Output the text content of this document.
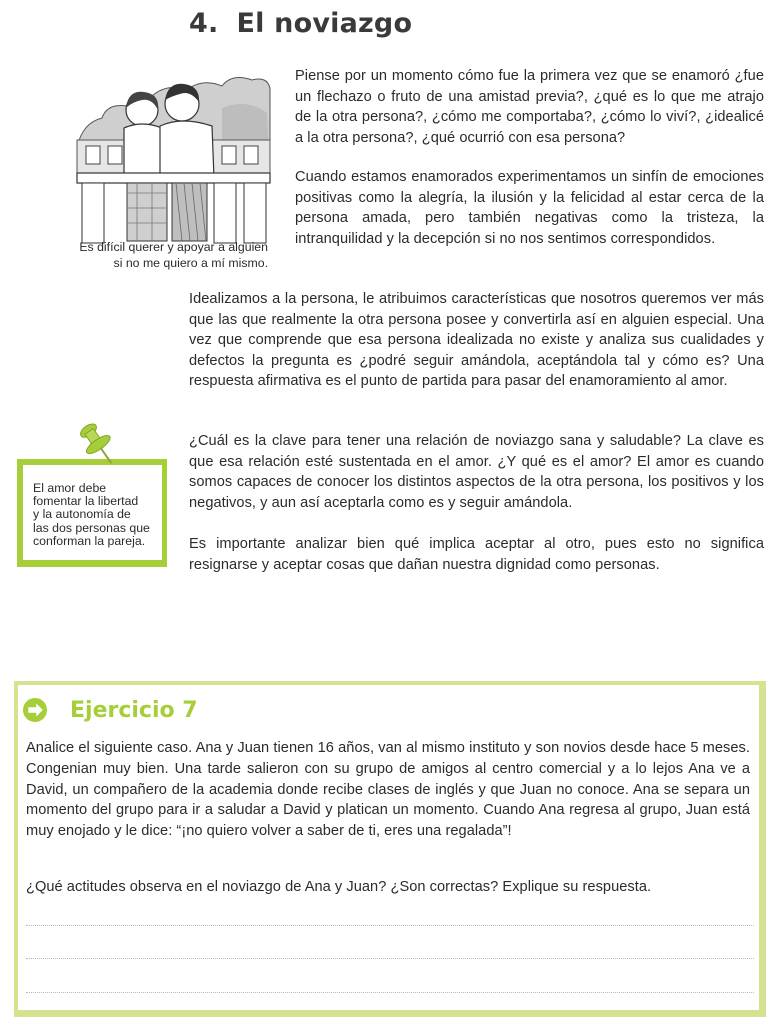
4. El noviazgo
Es difícil querer y apoyar a alguien
si no me quiero a mí mismo.

Piense por un momento cómo fue la primera vez que se enamoró ¿fue un flechazo o fruto de una amistad previa?, ¿qué es lo que me atrajo de la otra persona?, ¿cómo me comportaba?, ¿cómo lo viví?, ¿idealicé a la otra persona?, ¿qué ocurrió con esa persona?

Cuando estamos enamorados experimentamos un sinfín de emociones positivas como la alegría, la ilusión y la felicidad al estar cerca de la persona amada, pero también negativas como la tristeza, la intranquilidad y la decepción si no nos sentimos correspondidos.

Idealizamos a la persona, le atribuimos características que nosotros queremos ver más que las que realmente la otra persona posee y convertirla así en alguien especial. Una vez que comprende que esa persona idealizada no existe y analiza sus cualidades y defectos la pregunta es ¿podré seguir amándola, aceptándola tal y cómo es? Una respuesta afirmativa es el punto de partida para pasar del enamoramiento al amor.

¿Cuál es la clave para tener una relación de noviazgo sana y saludable? La clave es que esa relación esté sustentada en el amor. ¿Y qué es el amor? El amor es cuando somos capaces de conocer los distintos aspectos de la otra persona, los positivos y los negativos, y aun así aceptarla como es y seguir amándola.

Es importante analizar bien qué implica aceptar al otro, pues esto no significa resignarse y aceptar cosas que dañan nuestra dignidad como personas.

El amor debe
fomentar la libertad
y la autonomía de
las dos personas que
conforman la pareja.
Ejercicio 7

Analice el siguiente caso. Ana y Juan tienen 16 años, van al mismo instituto y son novios desde hace 5 meses. Congenian muy bien. Una tarde salieron con su grupo de amigos al centro comercial y a lo lejos Ana ve a David, un compañero de la academia donde recibe clases de inglés y que Juan no conoce. Ana se separa un momento del grupo para ir a saludar a David y platican un momento. Cuando Ana regresa al grupo, Juan está muy enojado y le dice: “¡no quiero volver a saber de ti, eres una regalada”!

¿Qué actitudes observa en el noviazgo de Ana y Juan? ¿Son correctas? Explique su respuesta.
